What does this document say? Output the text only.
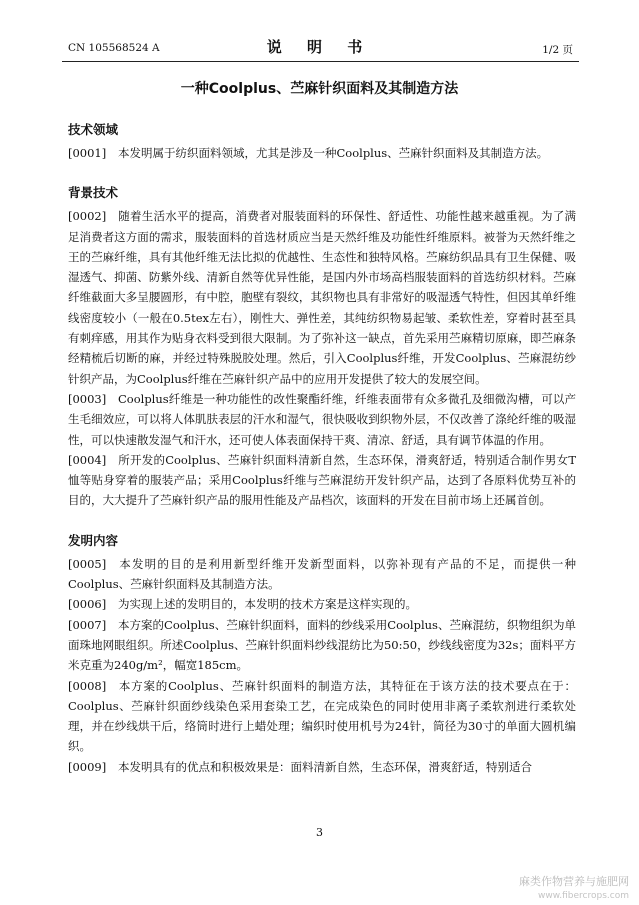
CN 105568524 A	说 明 书	1/2 页
一种Coolplus、苎麻针织面料及其制造方法
技术领域

[0001] 本发明属于纺织面料领域，尤其是涉及一种Coolplus、苎麻针织面料及其制造方法。

背景技术

[0002] 随着生活水平的提高，消费者对服装面料的环保性、舒适性、功能性越来越重视。为了满足消费者这方面的需求，服装面料的首选材质应当是天然纤维及功能性纤维原料。被誉为天然纤维之王的苎麻纤维，具有其他纤维无法比拟的优越性、生态性和独特风格。苎麻纺织品具有卫生保健、吸湿透气、抑菌、防紫外线、清新自然等优异性能，是国内外市场高档服装面料的首选纺织材料。苎麻纤维截面大多呈腰圆形，有中腔，胞壁有裂纹，其织物也具有非常好的吸湿透气特性，但因其单纤维线密度较小（一般在0.5tex左右），刚性大、弹性差，其纯纺织物易起皱、柔软性差，穿着时甚至具有刺痒感，用其作为贴身衣料受到很大限制。为了弥补这一缺点，首先采用苎麻精切原麻，即苎麻条经精梳后切断的麻，并经过特殊脱胶处理。然后，引入Coolplus纤维，开发Coolplus、苎麻混纺纱针织产品，为Coolplus纤维在苎麻针织产品中的应用开发提供了较大的发展空间。

[0003] Coolplus纤维是一种功能性的改性聚酯纤维，纤维表面带有众多微孔及细微沟槽，可以产生毛细效应，可以将人体肌肤表层的汗水和湿气，很快吸收到织物外层，不仅改善了涤纶纤维的吸湿性，可以快速散发湿气和汗水，还可使人体表面保持干爽、清凉、舒适，具有调节体温的作用。

[0004] 所开发的Coolplus、苎麻针织面料清新自然，生态环保，滑爽舒适，特别适合制作男女T恤等贴身穿着的服装产品；采用Coolplus纤维与苎麻混纺开发针织产品，达到了各原料优势互补的目的，大大提升了苎麻针织产品的服用性能及产品档次，该面料的开发在目前市场上还属首创。

发明内容

[0005] 本发明的目的是利用新型纤维开发新型面料，以弥补现有产品的不足，而提供一种Coolplus、苎麻针织面料及其制造方法。

[0006] 为实现上述的发明目的，本发明的技术方案是这样实现的。

[0007] 本方案的Coolplus、苎麻针织面料，面料的纱线采用Coolplus、苎麻混纺，织物组织为单面珠地网眼组织。所述Coolplus、苎麻针织面料纱线混纺比为50:50，纱线线密度为32s；面料平方米克重为240g/m²，幅宽185cm。

[0008] 本方案的Coolplus、苎麻针织面料的制造方法，其特征在于该方法的技术要点在于：Coolplus、苎麻针织面纱线染色采用套染工艺，在完成染色的同时使用非离子柔软剂进行柔软处理，并在纱线烘干后，络筒时进行上蜡处理；编织时使用机号为24针，筒径为30寸的单面大圆机编织。

[0009] 本发明具有的优点和积极效果是：面料清新自然，生态环保，滑爽舒适，特别适合

3
麻类作物营养与施肥网
www.fibercrops.com
